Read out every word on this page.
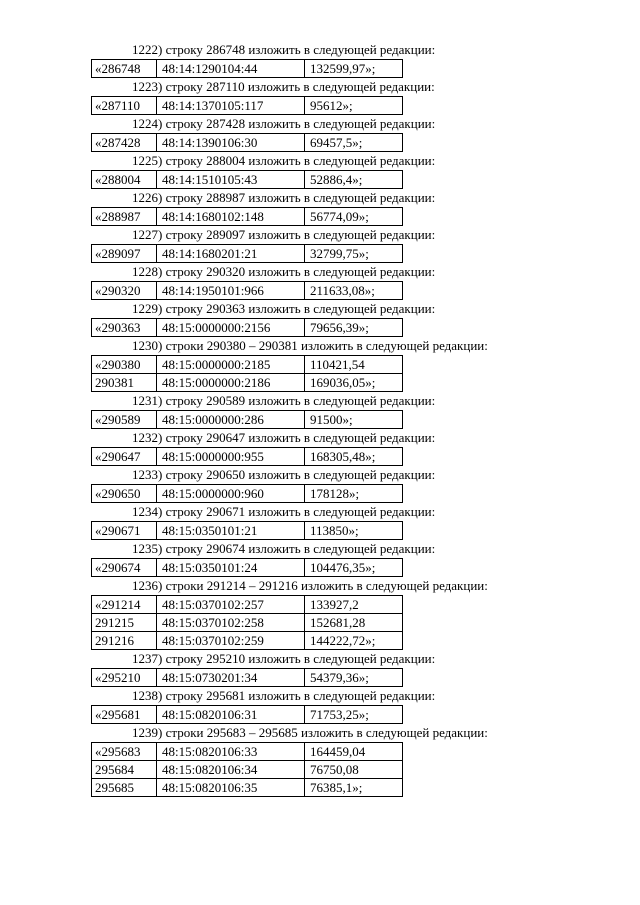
1222) строку 286748 изложить в следующей редакции:
«286748	48:14:1290104:44	132599,97»;
1223) строку 287110 изложить в следующей редакции:
«287110	48:14:1370105:117	95612»;
1224) строку 287428 изложить в следующей редакции:
«287428	48:14:1390106:30	69457,5»;
1225) строку 288004 изложить в следующей редакции:
«288004	48:14:1510105:43	52886,4»;
1226) строку 288987 изложить в следующей редакции:
«288987	48:14:1680102:148	56774,09»;
1227) строку 289097 изложить в следующей редакции:
«289097	48:14:1680201:21	32799,75»;
1228) строку 290320 изложить в следующей редакции:
«290320	48:14:1950101:966	211633,08»;
1229) строку 290363 изложить в следующей редакции:
«290363	48:15:0000000:2156	79656,39»;
1230) строки 290380 – 290381 изложить в следующей редакции:
«290380	48:15:0000000:2185	110421,54
290381	48:15:0000000:2186	169036,05»;
1231) строку 290589 изложить в следующей редакции:
«290589	48:15:0000000:286	91500»;
1232) строку 290647 изложить в следующей редакции:
«290647	48:15:0000000:955	168305,48»;
1233) строку 290650 изложить в следующей редакции:
«290650	48:15:0000000:960	178128»;
1234) строку 290671 изложить в следующей редакции:
«290671	48:15:0350101:21	113850»;
1235) строку 290674 изложить в следующей редакции:
«290674	48:15:0350101:24	104476,35»;
1236) строки 291214 – 291216 изложить в следующей редакции:
«291214	48:15:0370102:257	133927,2
291215	48:15:0370102:258	152681,28
291216	48:15:0370102:259	144222,72»;
1237) строку 295210 изложить в следующей редакции:
«295210	48:15:0730201:34	54379,36»;
1238) строку 295681 изложить в следующей редакции:
«295681	48:15:0820106:31	71753,25»;
1239) строки 295683 – 295685 изложить в следующей редакции:
«295683	48:15:0820106:33	164459,04
295684	48:15:0820106:34	76750,08
295685	48:15:0820106:35	76385,1»;
